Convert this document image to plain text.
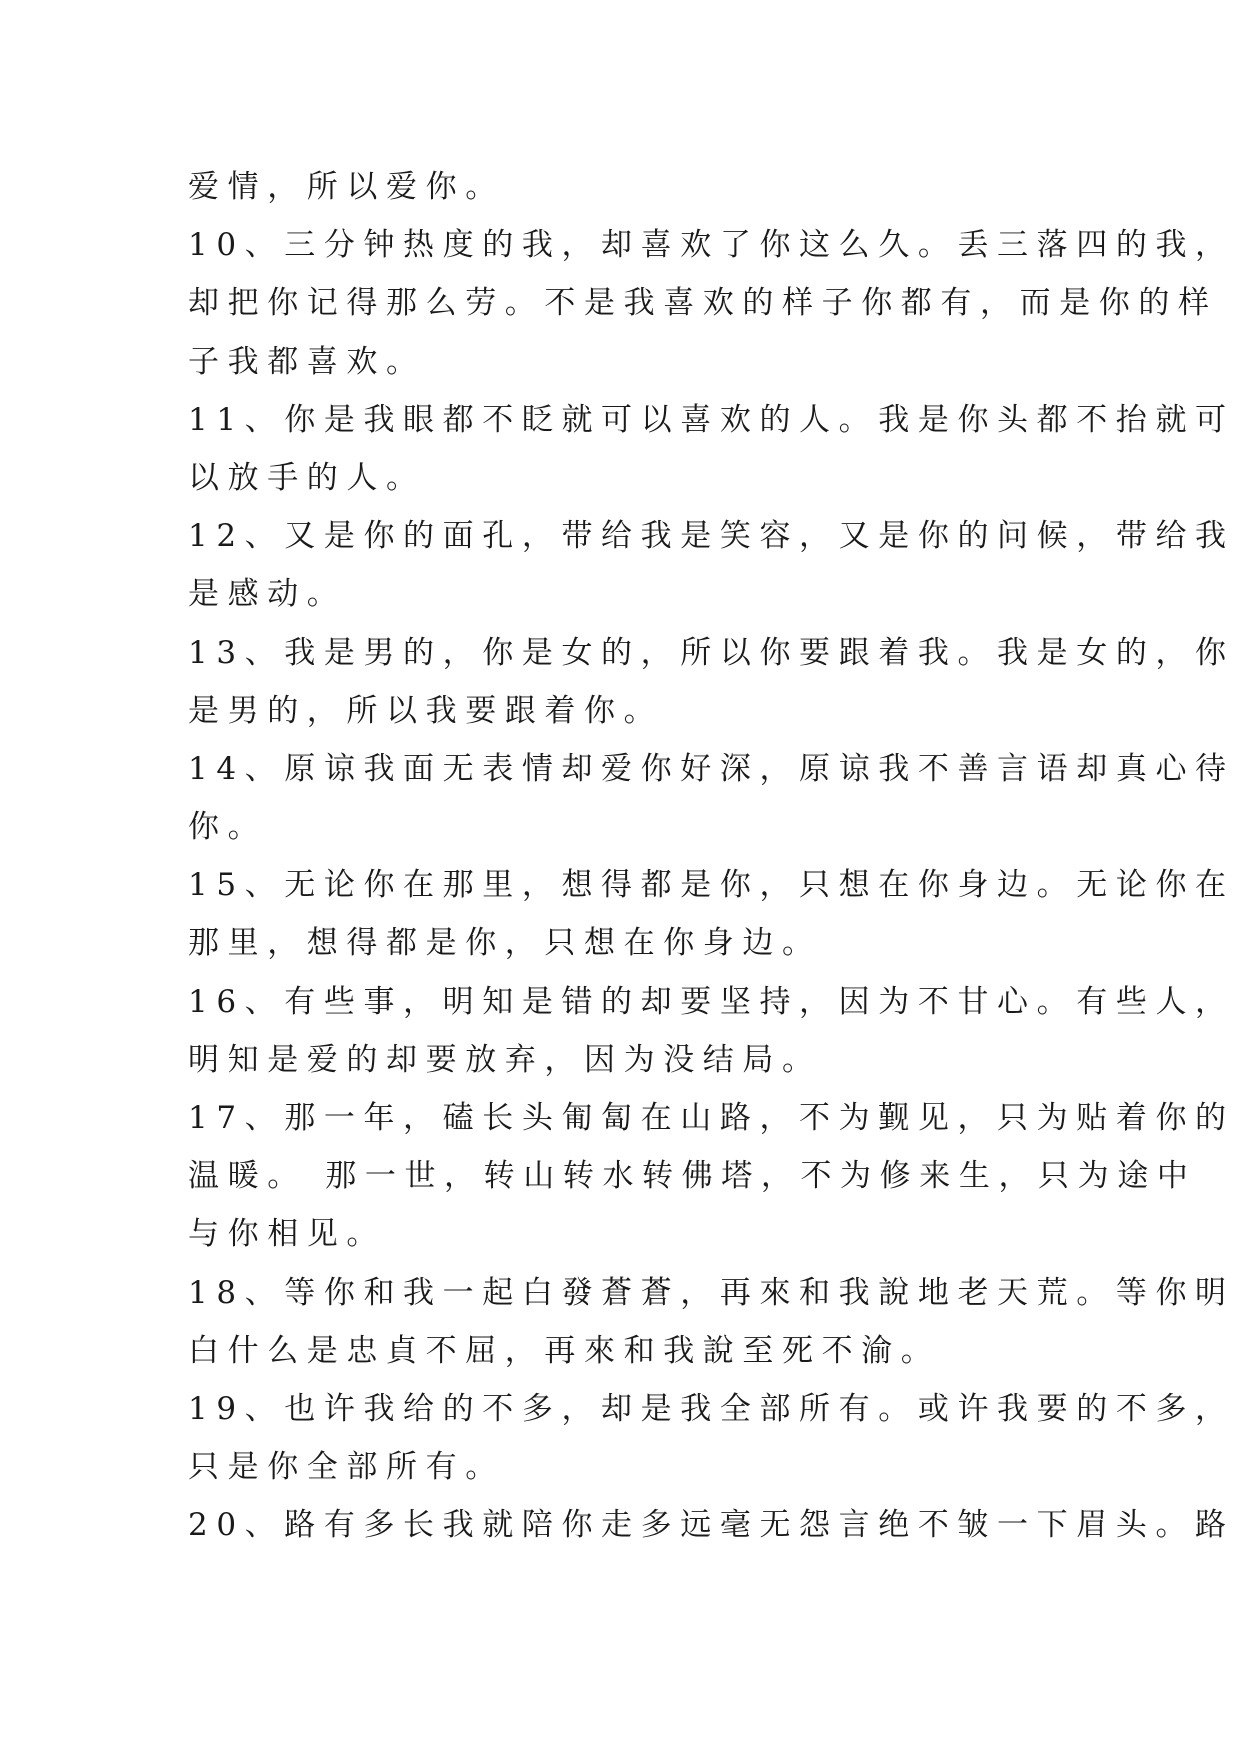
爱情，所以爱你。
10、三分钟热度的我，却喜欢了你这么久。丢三落四的我，
却把你记得那么劳。不是我喜欢的样子你都有，而是你的样
子我都喜欢。
11、你是我眼都不眨就可以喜欢的人。我是你头都不抬就可
以放手的人。
12、又是你的面孔，带给我是笑容，又是你的问候，带给我
是感动。
13、我是男的，你是女的，所以你要跟着我。我是女的，你
是男的，所以我要跟着你。
14、原谅我面无表情却爱你好深，原谅我不善言语却真心待
你。
15、无论你在那里，想得都是你，只想在你身边。无论你在
那里，想得都是你，只想在你身边。
16、有些事，明知是错的却要坚持，因为不甘心。有些人，
明知是爱的却要放弃，因为没结局。
17、那一年，磕长头匍匐在山路，不为觐见，只为贴着你的
温暖。 那一世，转山转水转佛塔，不为修来生，只为途中
与你相见。
18、等你和我一起白發蒼蒼，再來和我說地老天荒。等你明
白什么是忠貞不屈，再來和我說至死不渝。
19、也许我给的不多，却是我全部所有。或许我要的不多，
只是你全部所有。
20、路有多长我就陪你走多远毫无怨言绝不皱一下眉头。路
